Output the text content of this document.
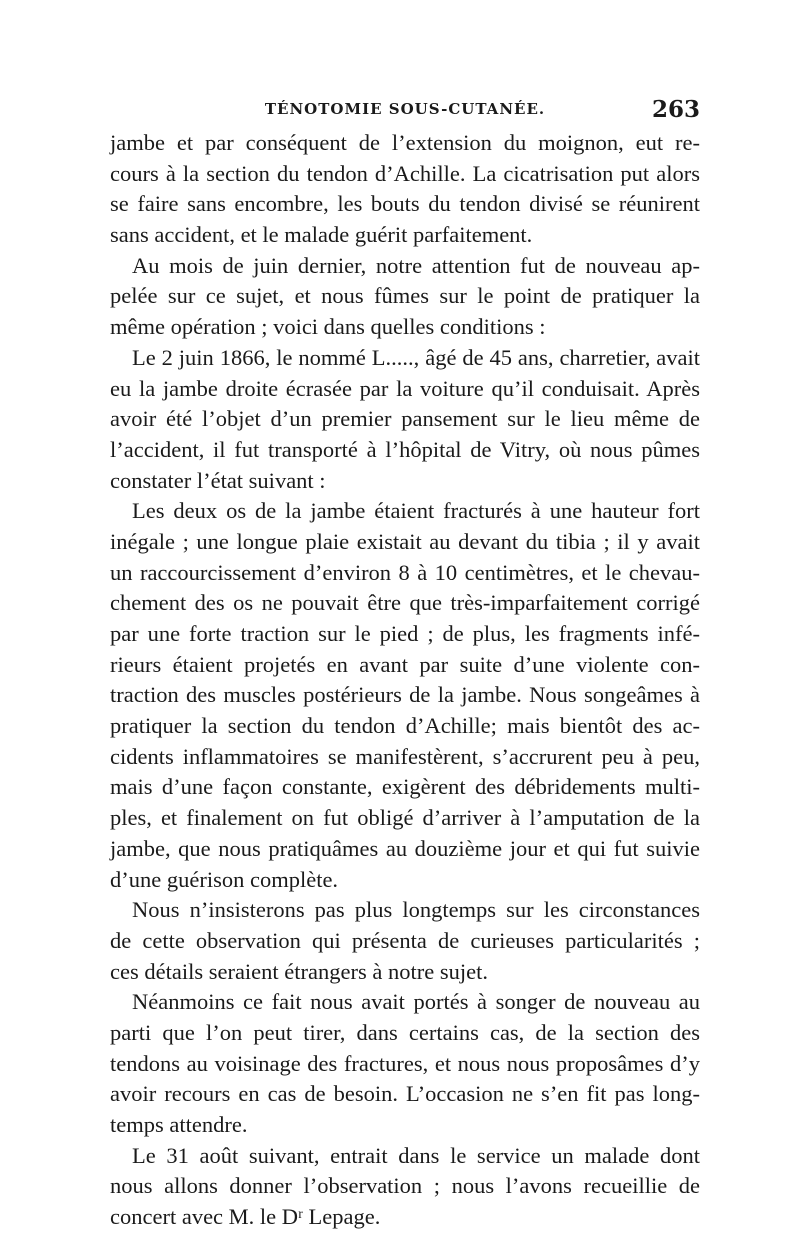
TÉNOTOMIE SOUS-CUTANÉE.	263
jambe et par conséquent de l’extension du moignon, eut re-
cours à la section du tendon d’Achille. La cicatrisation put alors
se faire sans encombre, les bouts du tendon divisé se réunirent
sans accident, et le malade guérit parfaitement.
Au mois de juin dernier, notre attention fut de nouveau ap-
pelée sur ce sujet, et nous fûmes sur le point de pratiquer la
même opération ; voici dans quelles conditions :
Le 2 juin 1866, le nommé L....., âgé de 45 ans, charretier, avait
eu la jambe droite écrasée par la voiture qu’il conduisait. Après
avoir été l’objet d’un premier pansement sur le lieu même de
l’accident, il fut transporté à l’hôpital de Vitry, où nous pûmes
constater l’état suivant :
Les deux os de la jambe étaient fracturés à une hauteur fort
inégale ; une longue plaie existait au devant du tibia ; il y avait
un raccourcissement d’environ 8 à 10 centimètres, et le chevau-
chement des os ne pouvait être que très-imparfaitement corrigé
par une forte traction sur le pied ; de plus, les fragments infé-
rieurs étaient projetés en avant par suite d’une violente con-
traction des muscles postérieurs de la jambe. Nous songeâmes à
pratiquer la section du tendon d’Achille; mais bientôt des ac-
cidents inflammatoires se manifestèrent, s’accrurent peu à peu,
mais d’une façon constante, exigèrent des débridements multi-
ples, et finalement on fut obligé d’arriver à l’amputation de la
jambe, que nous pratiquâmes au douzième jour et qui fut suivie
d’une guérison complète.
Nous n’insisterons pas plus longtemps sur les circonstances
de cette observation qui présenta de curieuses particularités ;
ces détails seraient étrangers à notre sujet.
Néanmoins ce fait nous avait portés à songer de nouveau au
parti que l’on peut tirer, dans certains cas, de la section des
tendons au voisinage des fractures, et nous nous proposâmes d’y
avoir recours en cas de besoin. L’occasion ne s’en fit pas long-
temps attendre.
Le 31 août suivant, entrait dans le service un malade dont
nous allons donner l’observation ; nous l’avons recueillie de
concert avec M. le Dʳ Lepage.
